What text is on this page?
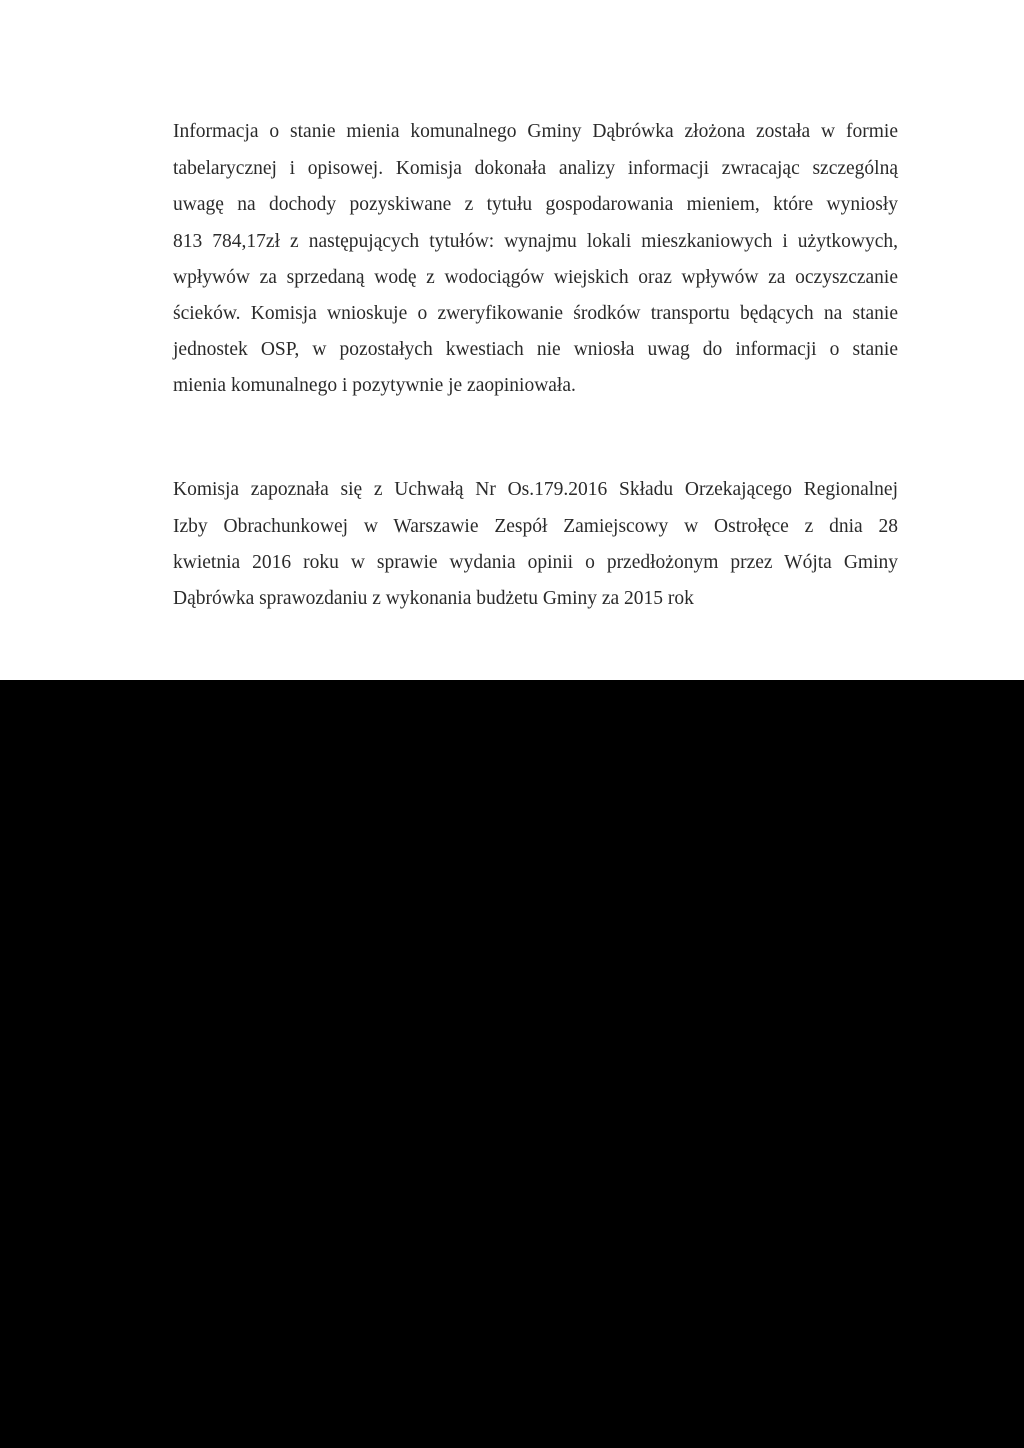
Informacja o stanie mienia komunalnego Gminy Dąbrówka złożona została w formie

tabelarycznej i opisowej. Komisja dokonała analizy informacji zwracając szczególną

uwagę na dochody pozyskiwane z tytułu gospodarowania mieniem, które wyniosły

813 784,17zł z następujących tytułów: wynajmu lokali mieszkaniowych i użytkowych,

wpływów za sprzedaną wodę z wodociągów wiejskich oraz wpływów za oczyszczanie

ścieków. Komisja wnioskuje o zweryfikowanie środków transportu będących na stanie

jednostek OSP, w pozostałych kwestiach nie wniosła uwag do informacji o stanie

mienia komunalnego i pozytywnie je zaopiniowała.

Komisja zapoznała się z Uchwałą Nr Os.179.2016 Składu Orzekającego Regionalnej

Izby Obrachunkowej w Warszawie Zespół Zamiejscowy w Ostrołęce z dnia 28

kwietnia 2016 roku w sprawie wydania opinii o przedłożonym przez Wójta Gminy

Dąbrówka sprawozdaniu z wykonania budżetu Gminy za 2015 rok
